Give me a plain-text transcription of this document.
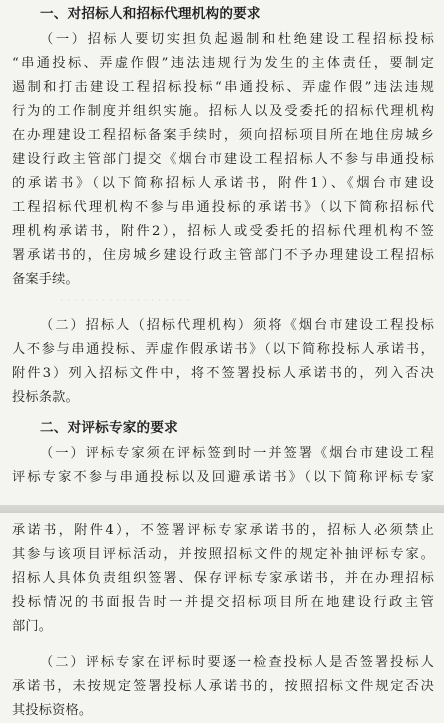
一、对招标人和招标代理机构的要求
（一）招标人要切实担负起遏制和杜绝建设工程招标投标
“串通投标、弄虚作假”违法违规行为发生的主体责任，要制定
遏制和打击建设工程招标投标“串通投标、弄虚作假”违法违规
行为的工作制度并组织实施。招标人以及受委托的招标代理机构
在办理建设工程招标备案手续时，须向招标项目所在地住房城乡
建设行政主管部门提交《烟台市建设工程招标人不参与串通投标
的承诺书》（以下简称招标人承诺书，附件1）、《烟台市建设
工程招标代理机构不参与串通投标的承诺书》（以下简称招标代
理机构承诺书，附件2），招标人或受委托的招标代理机构不签
署承诺书的，住房城乡建设行政主管部门不予办理建设工程招标
备案手续。
· · · · · · · · · · · · · · · · · · ·
（二）招标人（招标代理机构）须将《烟台市建设工程投标
人不参与串通投标、弄虚作假承诺书》（以下简称投标人承诺书，
附件3）列入招标文件中，将不签署投标人承诺书的，列入否决
投标条款。
二、对评标专家的要求
（一）评标专家须在评标签到时一并签署《烟台市建设工程
评标专家不参与串通投标以及回避承诺书》（以下简称评标专家
承诺书，附件4），不签署评标专家承诺书的，招标人必须禁止
其参与该项目评标活动，并按照招标文件的规定补抽评标专家。
招标人具体负责组织签署、保存评标专家承诺书，并在办理招标
投标情况的书面报告时一并提交招标项目所在地建设行政主管
部门。
（二）评标专家在评标时要逐一检查投标人是否签署投标人
承诺书，未按规定签署投标人承诺书的，按照招标文件规定否决
其投标资格。
